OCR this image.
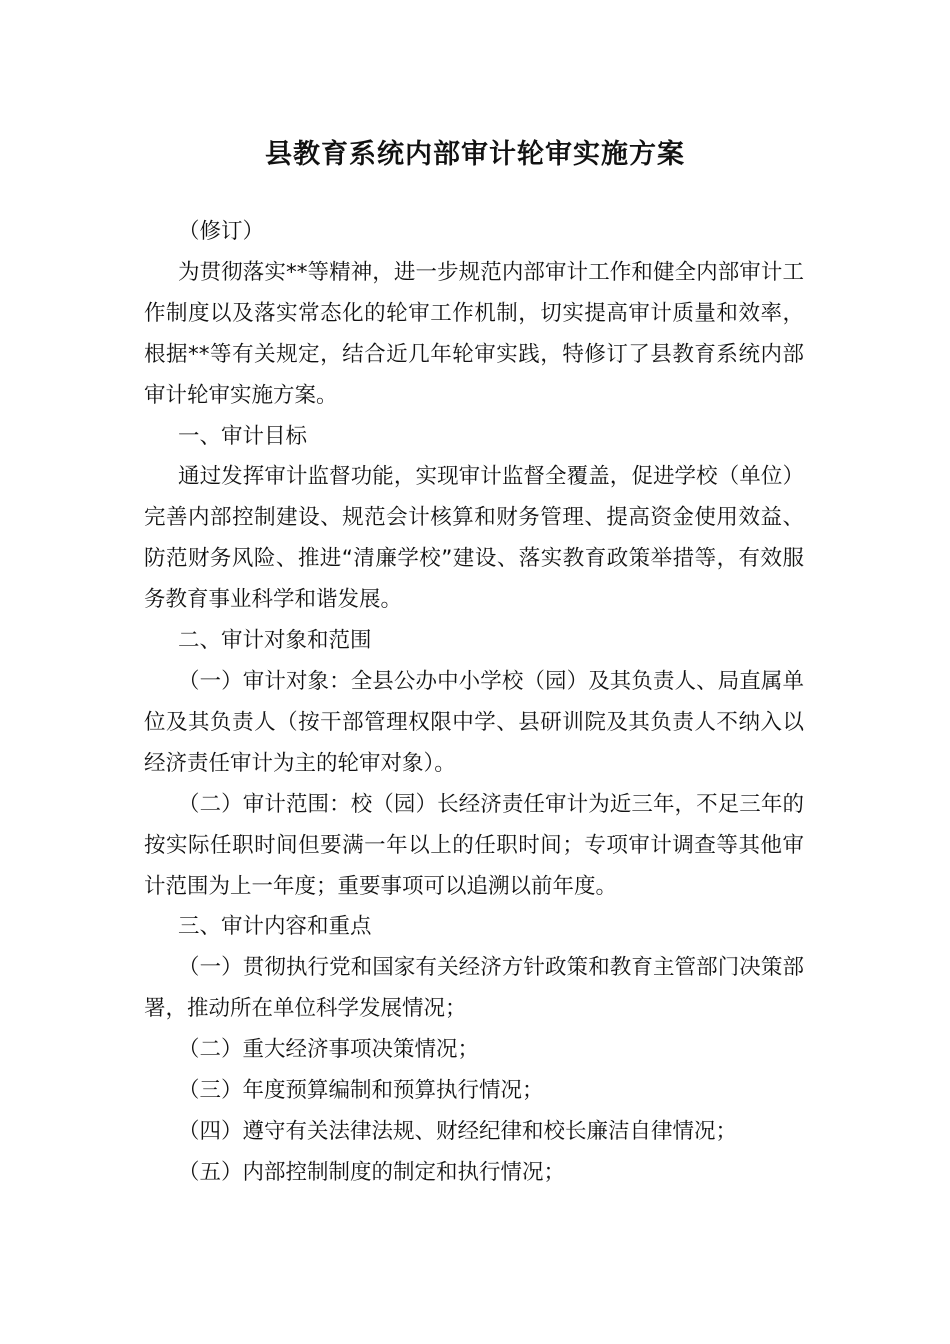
县教育系统内部审计轮审实施方案

（修订）

为贯彻落实**等精神，进一步规范内部审计工作和健全内部审计工作制度以及落实常态化的轮审工作机制，切实提高审计质量和效率，根据**等有关规定，结合近几年轮审实践，特修订了县教育系统内部审计轮审实施方案。

一、审计目标

通过发挥审计监督功能，实现审计监督全覆盖，促进学校（单位）完善内部控制建设、规范会计核算和财务管理、提高资金使用效益、防范财务风险、推进“清廉学校”建设、落实教育政策举措等，有效服务教育事业科学和谐发展。

二、审计对象和范围

（一）审计对象：全县公办中小学校（园）及其负责人、局直属单位及其负责人（按干部管理权限中学、县研训院及其负责人不纳入以经济责任审计为主的轮审对象）。

（二）审计范围：校（园）长经济责任审计为近三年，不足三年的按实际任职时间但要满一年以上的任职时间；专项审计调查等其他审计范围为上一年度；重要事项可以追溯以前年度。

三、审计内容和重点

（一）贯彻执行党和国家有关经济方针政策和教育主管部门决策部署，推动所在单位科学发展情况；

（二）重大经济事项决策情况；

（三）年度预算编制和预算执行情况；

（四）遵守有关法律法规、财经纪律和校长廉洁自律情况；

（五）内部控制制度的制定和执行情况；
